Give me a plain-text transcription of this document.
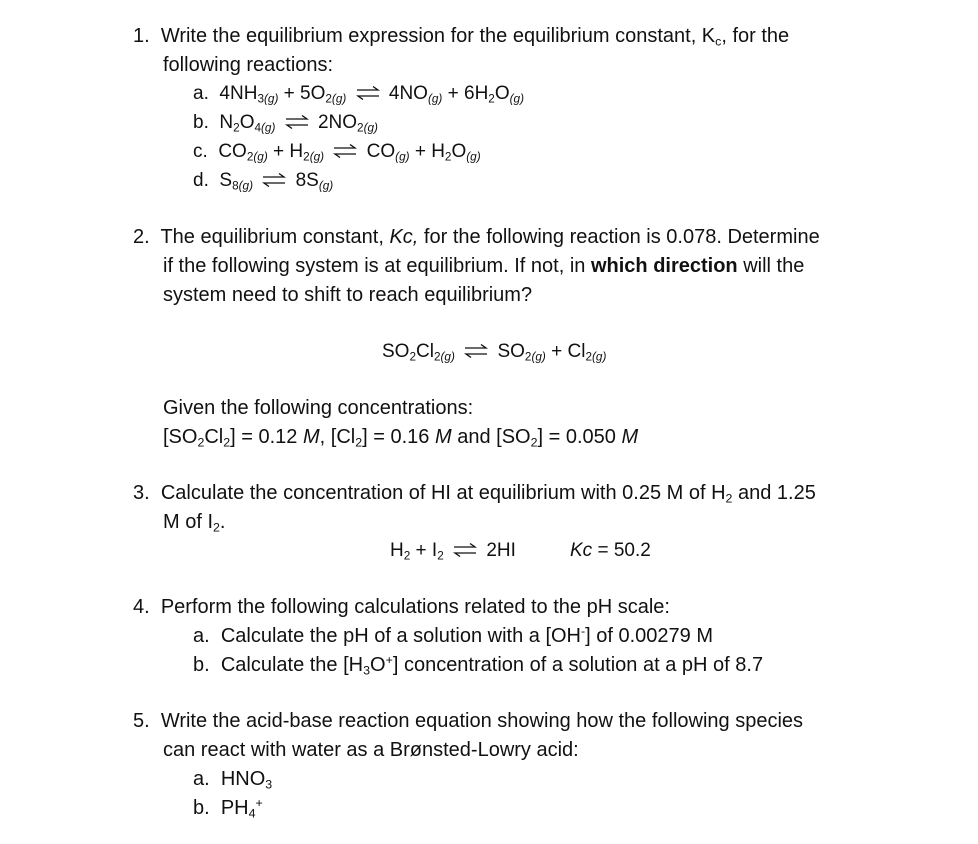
1. Write the equilibrium expression for the equilibrium constant, $K_c$, for the
following reactions:
a. $4NH_{3(g)} + 5O_{2(g)}$ ⇌ $4NO_{(g)} + 6H_2O_{(g)}$
b.  $N_2O_{4(g)}$ ⇌ $2NO_{2(g)}$
c.  $CO_{2(g)} + H_{2(g)}$ ⇌ $CO_{(g)} + H_2O_{(g)}$
d.  $S_{8(g)}$ ⇌ $8S_{(g)}$
2. The equilibrium constant, Kc, for the following reaction is 0.078. Determine
if the following system is at equilibrium. If not, in which direction will the
system need to shift to reach equilibrium?
$SO_2Cl_{2(g)}$ ⇌ $SO_{2(g)} + Cl_{2(g)}$
Given the following concentrations:
$[SO_2Cl_2] = 0.12$ M, $[Cl_2] = 0.16$ M and $[SO_2] = 0.050$ M
3. Calculate the concentration of HI at equilibrium with 0.25 M of $H_2$ and 1.25
M of $I_2$.
$H_2 + I_2$ ⇌ 2HI	Kc = 50.2
4. Perform the following calculations related to the pH scale:
a. Calculate the pH of a solution with a [OH-] of 0.00279 M
b. Calculate the $[H_3O^+]$ concentration of a solution at a pH of 8.7
5. Write the acid-base reaction equation showing how the following species
can react with water as a Brønsted-Lowry acid:
a. $HNO_3$
b. $PH_4^+$
